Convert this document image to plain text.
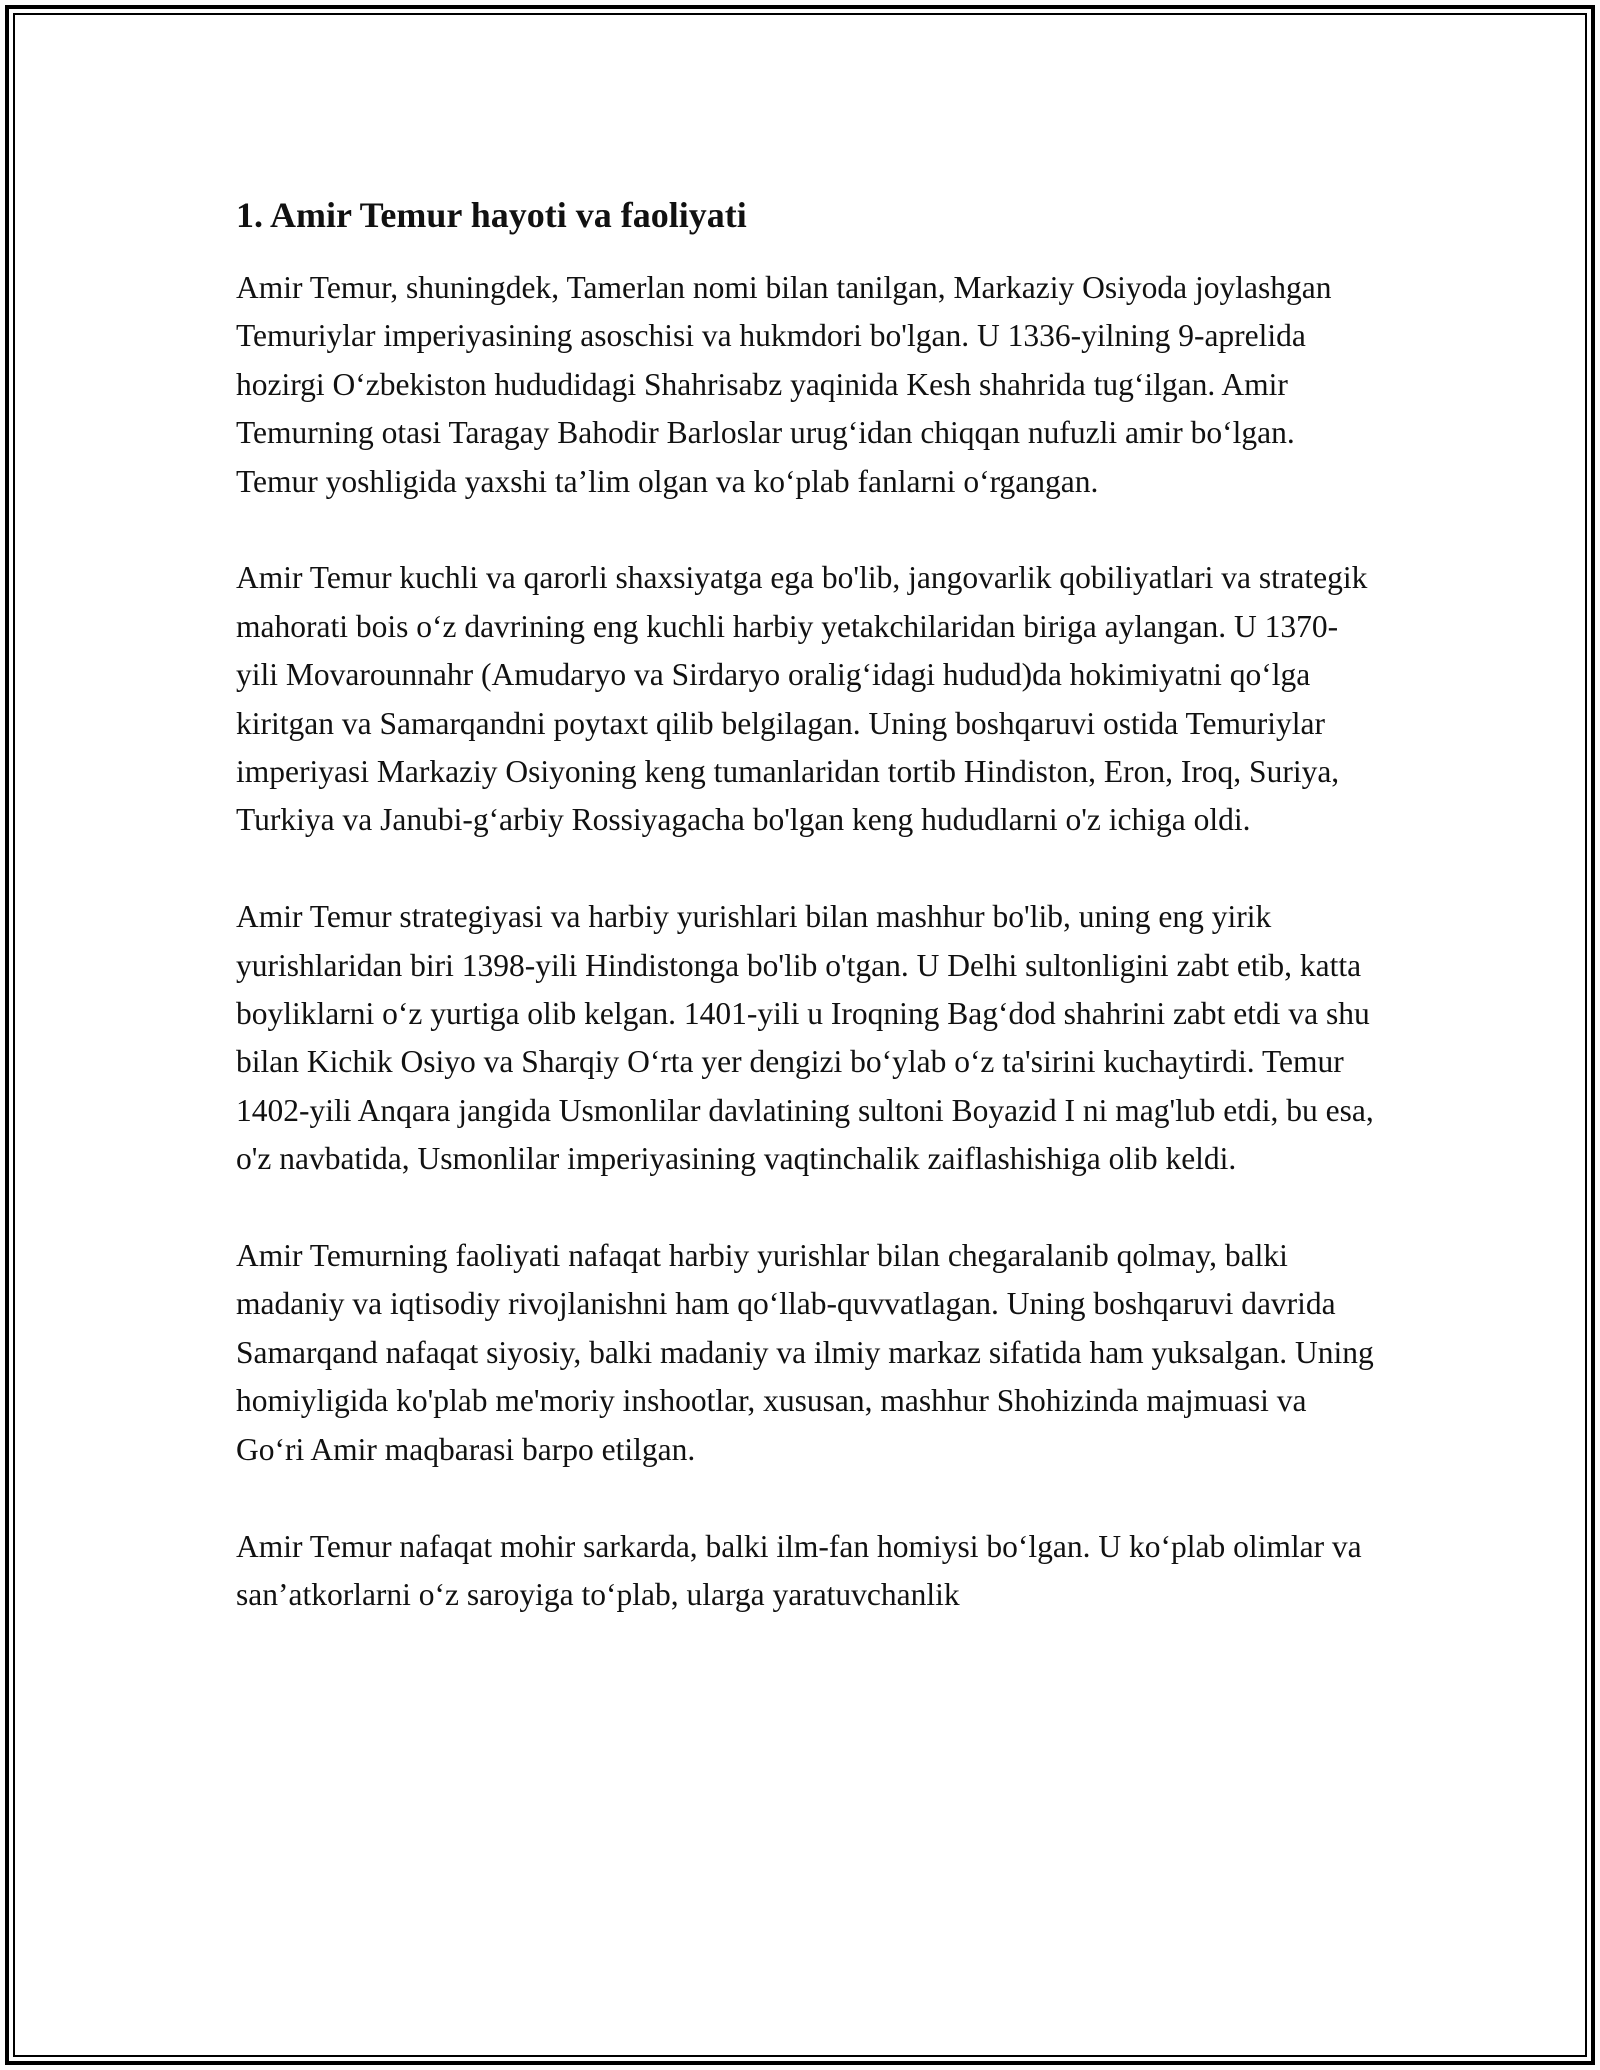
1. Amir Temur hayoti va faoliyati

Amir Temur, shuningdek, Tamerlan nomi bilan tanilgan, Markaziy Osiyoda joylashgan Temuriylar imperiyasining asoschisi va hukmdori bo'lgan. U 1336-yilning 9-aprelida hozirgi Oʻzbekiston hududidagi Shahrisabz yaqinida Kesh shahrida tugʻilgan. Amir Temurning otasi Taragay Bahodir Barloslar urugʻidan chiqqan nufuzli amir boʻlgan. Temur yoshligida yaxshi taʼlim olgan va koʻplab fanlarni oʻrgangan.

Amir Temur kuchli va qarorli shaxsiyatga ega bo'lib, jangovarlik qobiliyatlari va strategik mahorati bois oʻz davrining eng kuchli harbiy yetakchilaridan biriga aylangan. U 1370-yili Movarounnahr (Amudaryo va Sirdaryo oraligʻidagi hudud)da hokimiyatni qoʻlga kiritgan va Samarqandni poytaxt qilib belgilagan. Uning boshqaruvi ostida Temuriylar imperiyasi Markaziy Osiyoning keng tumanlaridan tortib Hindiston, Eron, Iroq, Suriya, Turkiya va Janubi-gʻarbiy Rossiyagacha bo'lgan keng hududlarni o'z ichiga oldi.

Amir Temur strategiyasi va harbiy yurishlari bilan mashhur bo'lib, uning eng yirik yurishlaridan biri 1398-yili Hindistonga bo'lib o'tgan. U Delhi sultonligini zabt etib, katta boyliklarni oʻz yurtiga olib kelgan. 1401-yili u Iroqning Bagʻdod shahrini zabt etdi va shu bilan Kichik Osiyo va Sharqiy Oʻrta yer dengizi boʻylab oʻz ta'sirini kuchaytirdi. Temur 1402-yili Anqara jangida Usmonlilar davlatining sultoni Boyazid I ni mag'lub etdi, bu esa, o'z navbatida, Usmonlilar imperiyasining vaqtinchalik zaiflashishiga olib keldi.

Amir Temurning faoliyati nafaqat harbiy yurishlar bilan chegaralanib qolmay, balki madaniy va iqtisodiy rivojlanishni ham qoʻllab-quvvatlagan. Uning boshqaruvi davrida Samarqand nafaqat siyosiy, balki madaniy va ilmiy markaz sifatida ham yuksalgan. Uning homiyligida ko'plab me'moriy inshootlar, xususan, mashhur Shohizinda majmuasi va Goʻri Amir maqbarasi barpo etilgan.

Amir Temur nafaqat mohir sarkarda, balki ilm-fan homiysi boʻlgan. U koʻplab olimlar va sanʼatkorlarni oʻz saroyiga toʻplab, ularga yaratuvchanlik
